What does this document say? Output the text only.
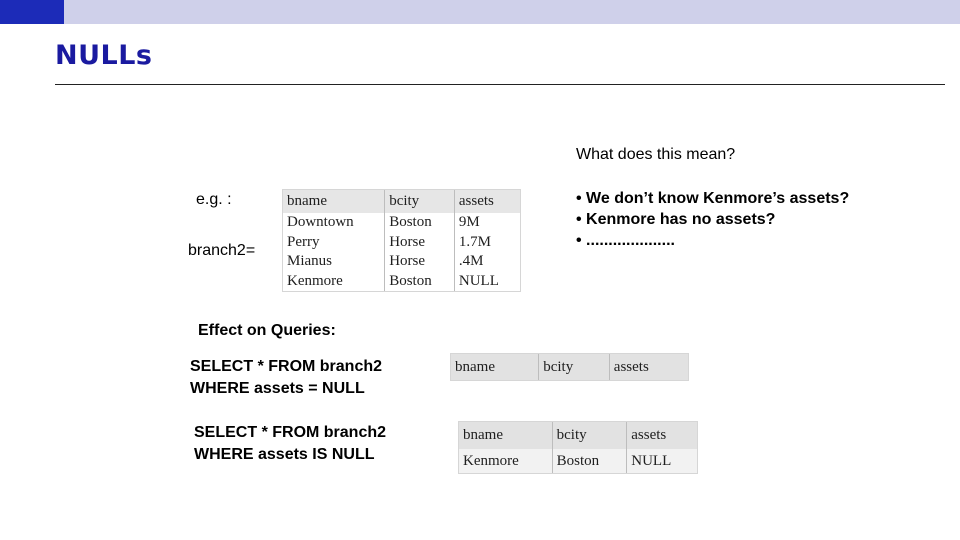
NULLs
e.g. :
branch2=
bname	bcity	assets
Downtown	Boston	9M
Perry	Horse	1.7M
Mianus	Horse	.4M
Kenmore	Boston	NULL
What does this mean?
• We don’t know Kenmore’s assets?
• Kenmore has no assets?
• ....................
Effect on Queries:
SELECT * FROM branch2
WHERE assets = NULL
SELECT * FROM branch2
WHERE assets IS NULL
bname	bcity	assets
bname	bcity	assets
Kenmore	Boston	NULL
